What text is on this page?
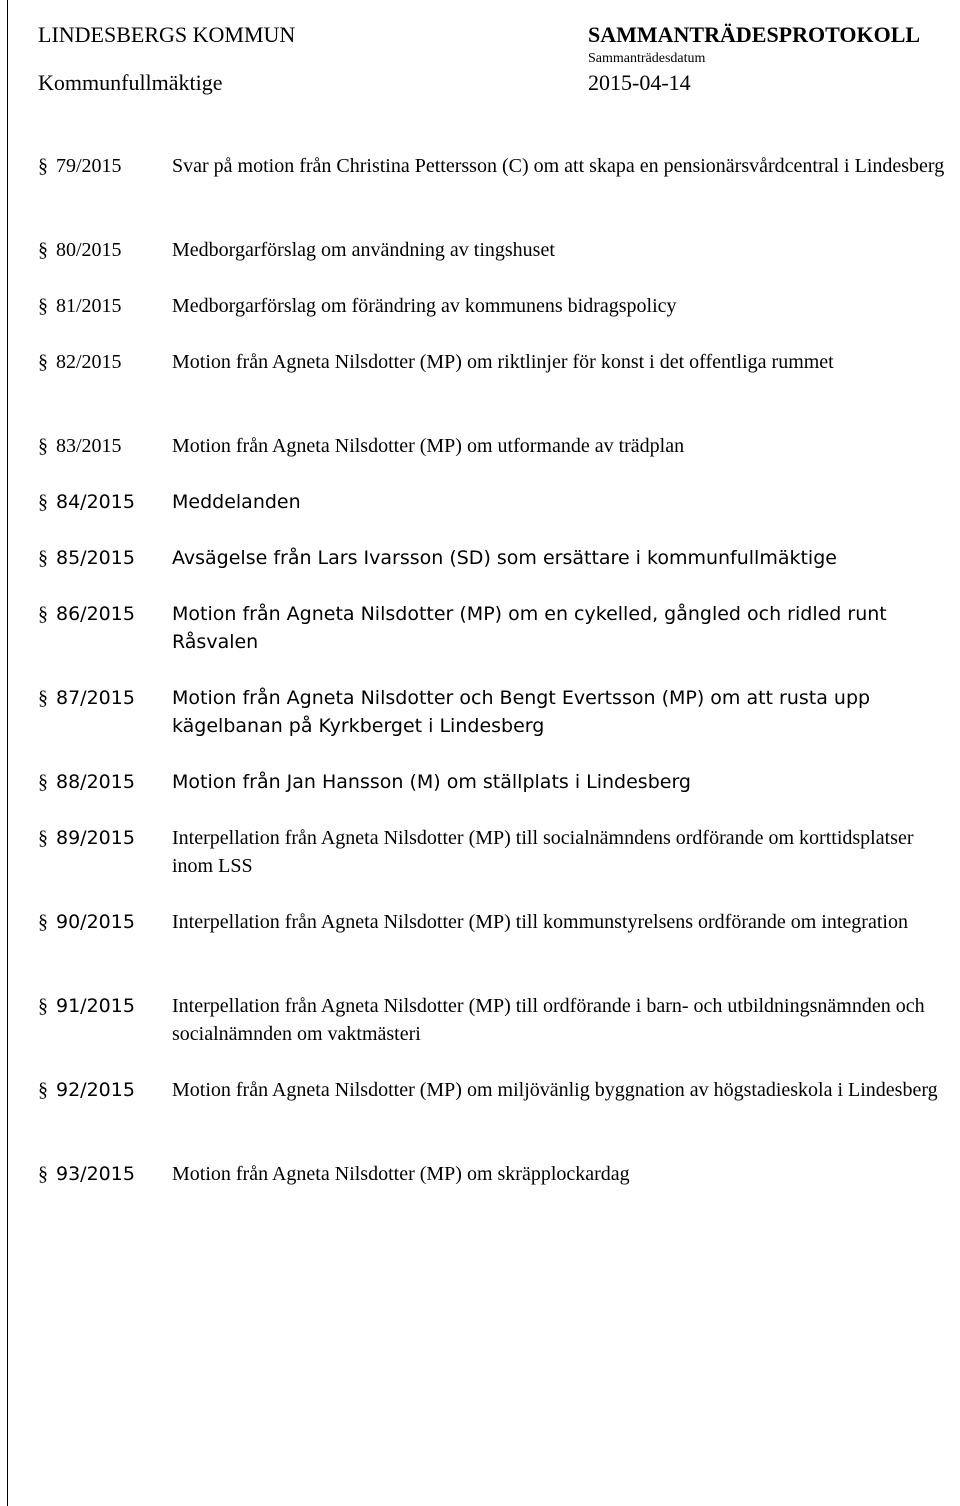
LINDESBERGS KOMMUN
Kommunfullmäktige
SAMMANTRÄDESPROTOKOLL
Sammanträdesdatum
2015-04-14
§ 79/2015	Svar på motion från Christina Pettersson (C) om att skapa en pensionärsvårdcentral i Lindesberg
§ 80/2015	Medborgarförslag om användning av tingshuset
§ 81/2015	Medborgarförslag om förändring av kommunens bidragspolicy
§ 82/2015	Motion från Agneta Nilsdotter (MP) om riktlinjer för konst i det offentliga rummet
§ 83/2015	Motion från Agneta Nilsdotter (MP) om utformande av trädplan
§ 84/2015 Meddelanden
§ 85/2015 Avsägelse från Lars Ivarsson (SD) som ersättare i kommunfullmäktige
§ 86/2015 Motion från Agneta Nilsdotter (MP) om en cykelled, gångled och ridled runt Råsvalen
§ 87/2015 Motion från Agneta Nilsdotter och Bengt Evertsson (MP) om att rusta upp kägelbanan på Kyrkberget i Lindesberg
§ 88/2015 Motion från Jan Hansson (M) om ställplats i Lindesberg
§ 89/2015 Interpellation från Agneta Nilsdotter (MP) till socialnämndens ordförande om korttidsplatser inom LSS
§ 90/2015 Interpellation från Agneta Nilsdotter (MP) till kommunstyrelsens ordförande om integration
§ 91/2015 Interpellation från Agneta Nilsdotter (MP) till ordförande i barn- och utbildningsnämnden och socialnämnden om vaktmästeri
§ 92/2015 Motion från Agneta Nilsdotter (MP) om miljövänlig byggnation av högstadieskola i Lindesberg
§ 93/2015 Motion från Agneta Nilsdotter (MP) om skräpplockardag
